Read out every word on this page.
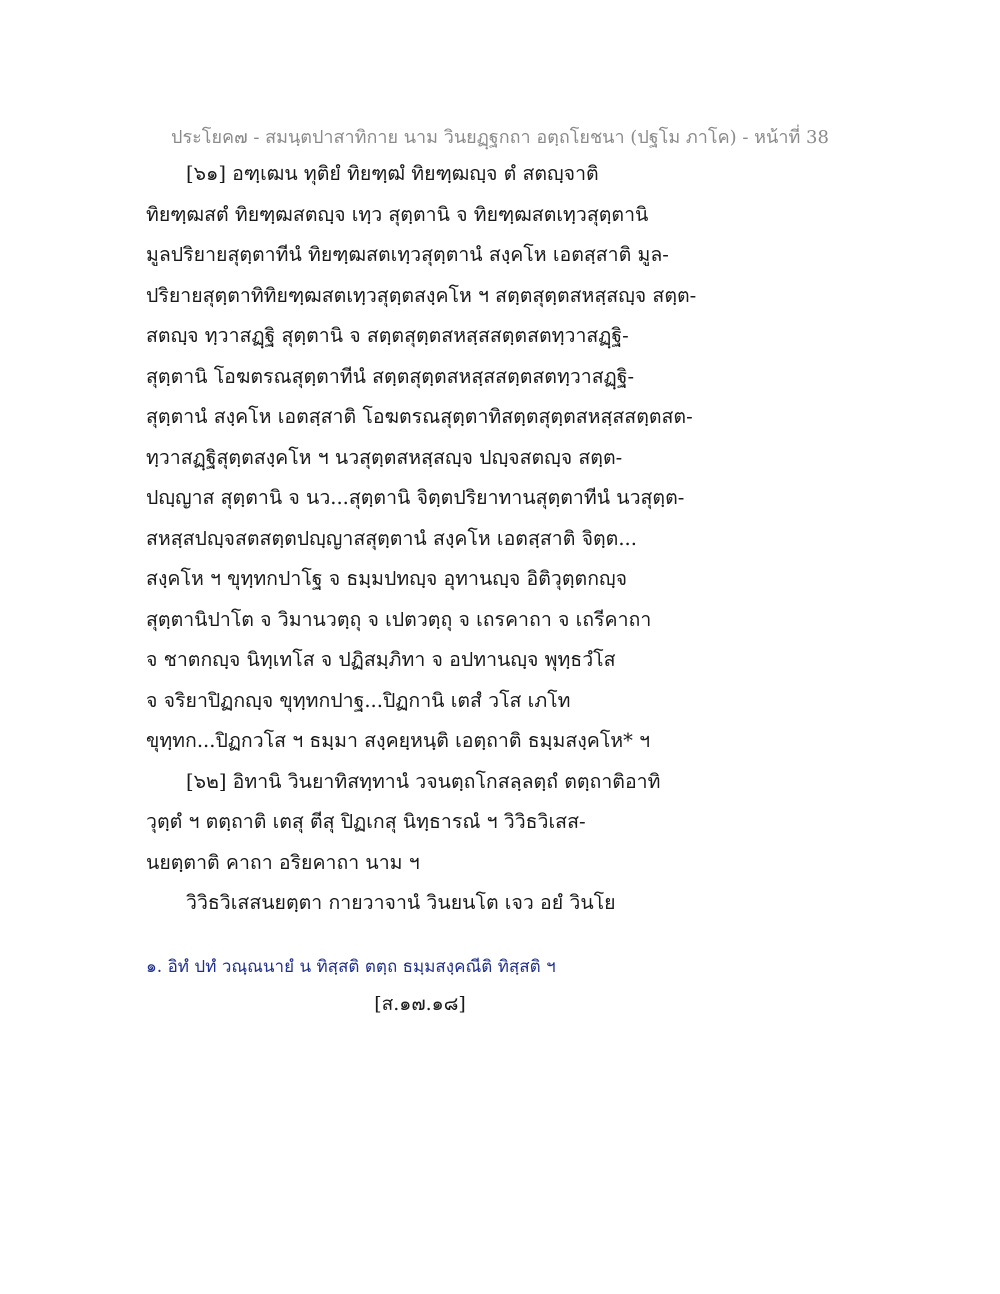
ประโยค๗ - สมนฺตปาสาทิกาย นาม วินยฏฺฐกถา อตฺถโยชนา (ปฐโม ภาโค) - หน้าที่ 38
[๖๑] อฑฺเฒน ทุติยํ ทิยฑฺฒํ ทิยฑฺฒญฺจ ตํ สตญฺจาติ
ทิยฑฺฒสตํ ทิยฑฺฒสตญฺจ เทฺว สุตฺตานิ จ ทิยฑฺฒสตเทฺวสุตฺตานิ
มูลปริยายสุตฺตาทีนํ ทิยฑฺฒสตเทฺวสุตฺตานํ สงฺคโห เอตสฺสาติ มูล-
ปริยายสุตฺตาทิทิยฑฺฒสตเทฺวสุตฺตสงฺคโห ฯ สตฺตสุตฺตสหสฺสญฺจ สตฺต-
สตญฺจ ทฺวาสฏฺฐิ สุตฺตานิ จ สตฺตสุตฺตสหสฺสสตฺตสตทฺวาสฏฺฐิ-
สุตฺตานิ โอฆตรณสุตฺตาทีนํ สตฺตสุตฺตสหสฺสสตฺตสตทฺวาสฏฺฐิ-
สุตฺตานํ สงฺคโห เอตสฺสาติ โอฆตรณสุตฺตาทิสตฺตสุตฺตสหสฺสสตฺตสต-
ทฺวาสฏฺฐิสุตฺตสงฺคโห ฯ นวสุตฺตสหสฺสญฺจ ปญฺจสตญฺจ สตฺต-
ปญฺญาส สุตฺตานิ จ นว...สุตฺตานิ จิตฺตปริยาทานสุตฺตาทีนํ นวสุตฺต-
สหสฺสปญฺจสตสตฺตปญฺญาสสุตฺตานํ สงฺคโห เอตสฺสาติ จิตฺต...
สงฺคโห ฯ ขุทฺทกปาโฐ จ ธมฺมปทญฺจ อุทานญฺจ อิติวุตฺตกญฺจ
สุตฺตานิปาโต จ วิมานวตฺถุ จ เปตวตฺถุ จ เถรคาถา จ เถรีคาถา
จ ชาตกญฺจ นิทฺเทโส จ ปฏิสมฺภิทา จ อปทานญฺจ พุทฺธวํโส
จ จริยาปิฏกญฺจ ขุทฺทกปาฐ...ปิฏกานิ เตสํ วโส เภโท
ขุทฺทก...ปิฏกวโส ฯ ธมฺมา สงฺคยฺหนฺติ เอตฺถาติ ธมฺมสงฺคโห* ฯ
[๖๒] อิทานิ วินยาทิสทฺทานํ วจนตฺถโกสลฺลตฺถํ ตตฺถาติอาทิ
วุตฺตํ ฯ ตตฺถาติ เตสุ ตีสุ ปิฏเกสุ นิทฺธารณํ ฯ วิวิธวิเสส-
นยตฺตาติ คาถา อริยคาถา นาม ฯ
วิวิธวิเสสนยตฺตา กายวาจานํ วินยนโต เจว อยํ วินโย
๑. อิทํ ปทํ วณฺณนายํ น ทิสฺสติ ตตฺถ ธมฺมสงฺคณีติ ทิสฺสติ ฯ
[ส.๑๗.๑๘]
